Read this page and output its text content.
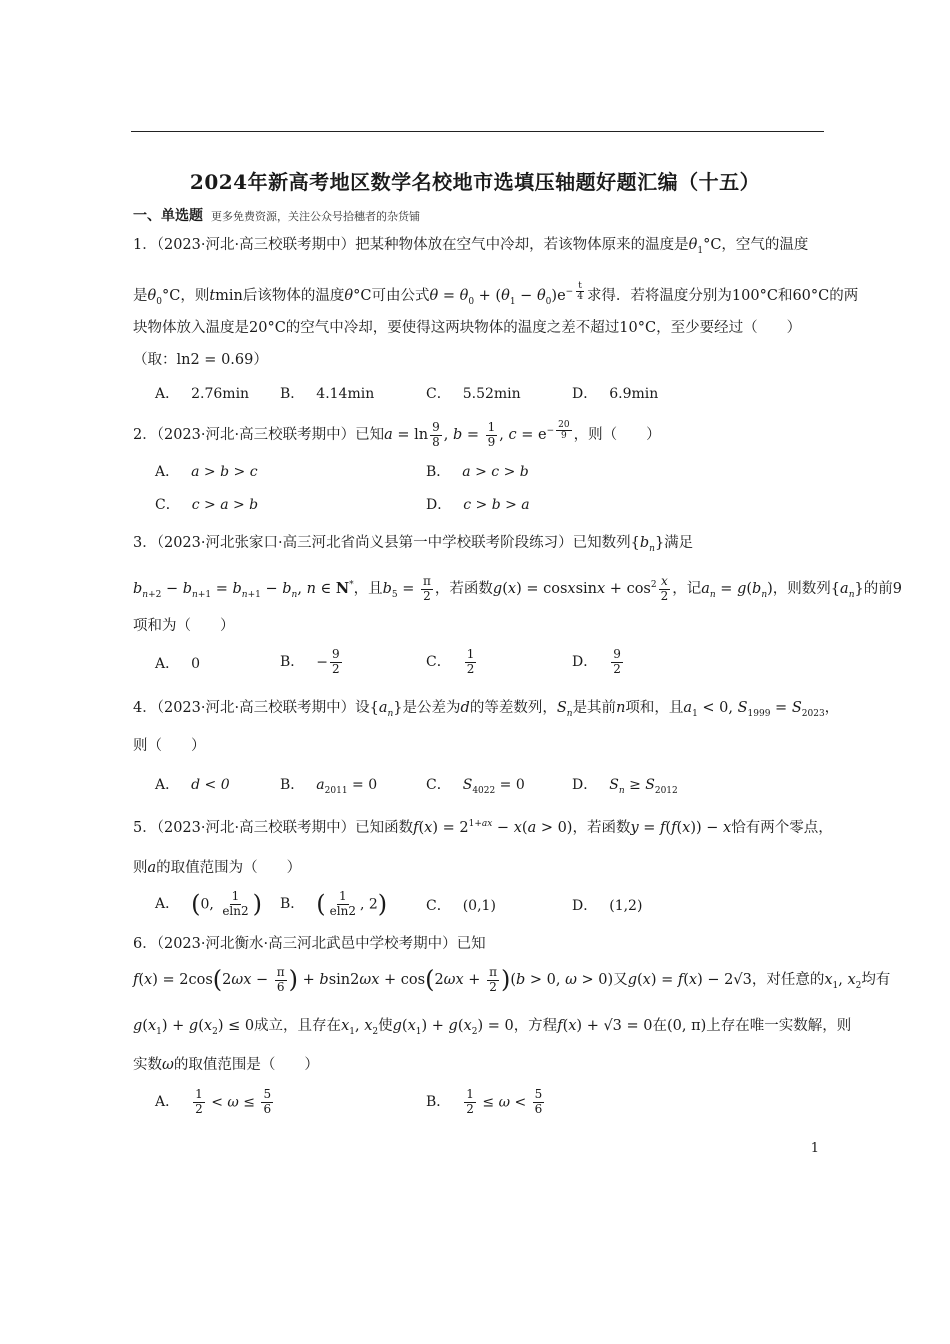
2024年新高考地区数学名校地市选填压轴题好题汇编（十五）
一、单选题 更多免费资源，关注公众号拾穗者的杂货铺
1．（2023·河北·高三校联考期中）把某种物体放在空气中冷却，若该物体原来的温度是$\theta_1^\circ C$，空气的温度
是$\theta_0^\circ C$，则tmin后该物体的温度θ°C可由公式$\theta = \theta_0 + (\theta_1 - \theta_0)e^{- \frac{t}{4}}$ 求得．若将温度分别为100°C和60°C的两
块物体放入温度是20°C的空气中冷却，要使得这两块物体的温度之差不超过10°C，至少要经过（　　）
（取：ln2 = 0.69）
A． 2.76min B． 4.14min	C． 5.52min	D． 6.9min
2．（2023·河北·高三校联考期中）已知$a = \ln \frac{9}{8}$ , $b = \frac{1}{9}$ , $c = e^{- \frac{20}{9}}$ ，则（　　）
A． a > b > c	B． a > c > b
C． c > a > b	D． c > b > a
3．（2023·河北张家口·高三河北省尚义县第一中学校联考阶段练习）已知数列$\{b_n\}$满足
$b_{n+2} - b_{n+1} = b_{n+1} - b_n$, n ∈ N*，且$b_5 = \frac{\pi}{2}$ ，若函数g(x) = cosxsinx + $\cos^2 \frac{x}{2}$ ，记$a_n = g(b_n)$，则数列$\{a_n\}$的前9
项和为（　　）
A． 0	B． − $\frac{9}{2}$	C． $\frac{1}{2}$	D． $\frac{9}{2}$
4．（2023·河北·高三校联考期中）设$\{a_n\}$是公差为d的等差数列，$S_n$是其前n项和，且$a_1 < 0$, $S_{1999} = S_{2023}$，
则（　　）
A． d < 0	B． $a_{2011} = 0$	C． $S_{4022} = 0$	D． $S_n \ge S_{2012}$
5．（2023·河北·高三校联考期中）已知函数$f(x) = 2^{1+ax} - x(a > 0)$，若函数y = f(f(x)) − x恰有两个零点，
则a的取值范围为（　　）
A． (0, $\frac{1}{eln2}$ ) B． ( $\frac{1}{eln2}$ , 2)	C． (0,1)	D． (1,2)
6．（2023·河北衡水·高三河北武邑中学校考期中）已知
$f(x) = 2\cos(2\omega x - \frac{\pi}{6}$ ) + $bsin2\omega x + \cos(2\omega x + \frac{\pi}{2} )(b > 0$, ω > 0)又g(x) = f(x) − 2√3，对任意的$x_1$, $x_2$均有
$g(x_1) + g(x_2) \le 0$成立，且存在$x_1$, $x_2$使$g(x_1) + g(x_2) = 0$，方程f(x) + √3 = 0在(0, π)上存在唯一实数解，则
实数ω的取值范围是（　　）
A． $\frac{1}{2} < \omega \le \frac{5}{6}$	B． $\frac{1}{2} \le \omega < \frac{5}{6}$
1
